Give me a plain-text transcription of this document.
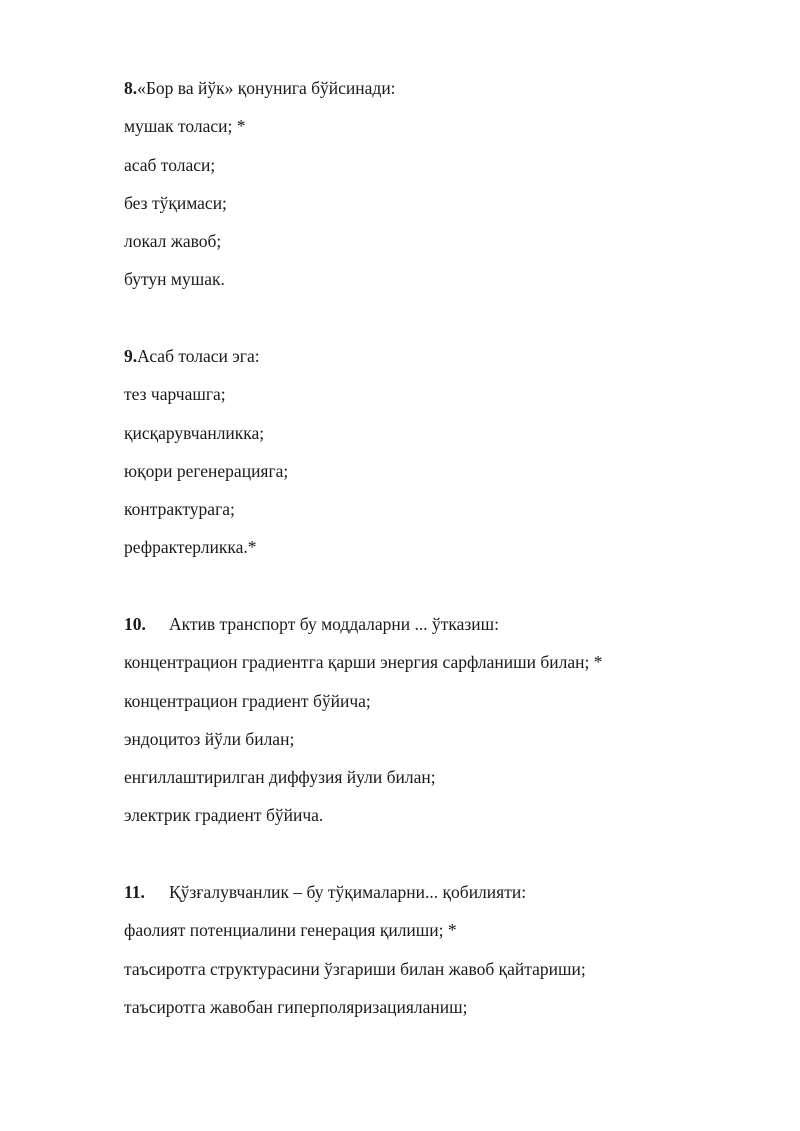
8.«Бор ва йўк» қонунига бўйсинади:
мушак толаси; *
асаб толаси;
без тўқимаси;
локал жавоб;
бутун мушак.
9.Асаб толаси эга:
тез чарчашга;
қисқарувчанликка;
юқори регенерацияга;
контрактурага;
рефрактерликка.*
10. Актив транспорт бу моддаларни ... ўтказиш:
концентрацион градиентга қарши энергия сарфланиши билан; *
концентрацион градиент бўйича;
эндоцитоз йўли билан;
енгиллаштирилган диффузия йули билан;
электрик градиент бўйича.
11. Қўзғалувчанлик – бу тўқималарни... қобилияти:
фаолият потенциалини генерация қилиши; *
таъсиротга структурасини ўзгариши билан жавоб қайтариши;
таъсиротга жавобан гиперполяризацияланиш;
